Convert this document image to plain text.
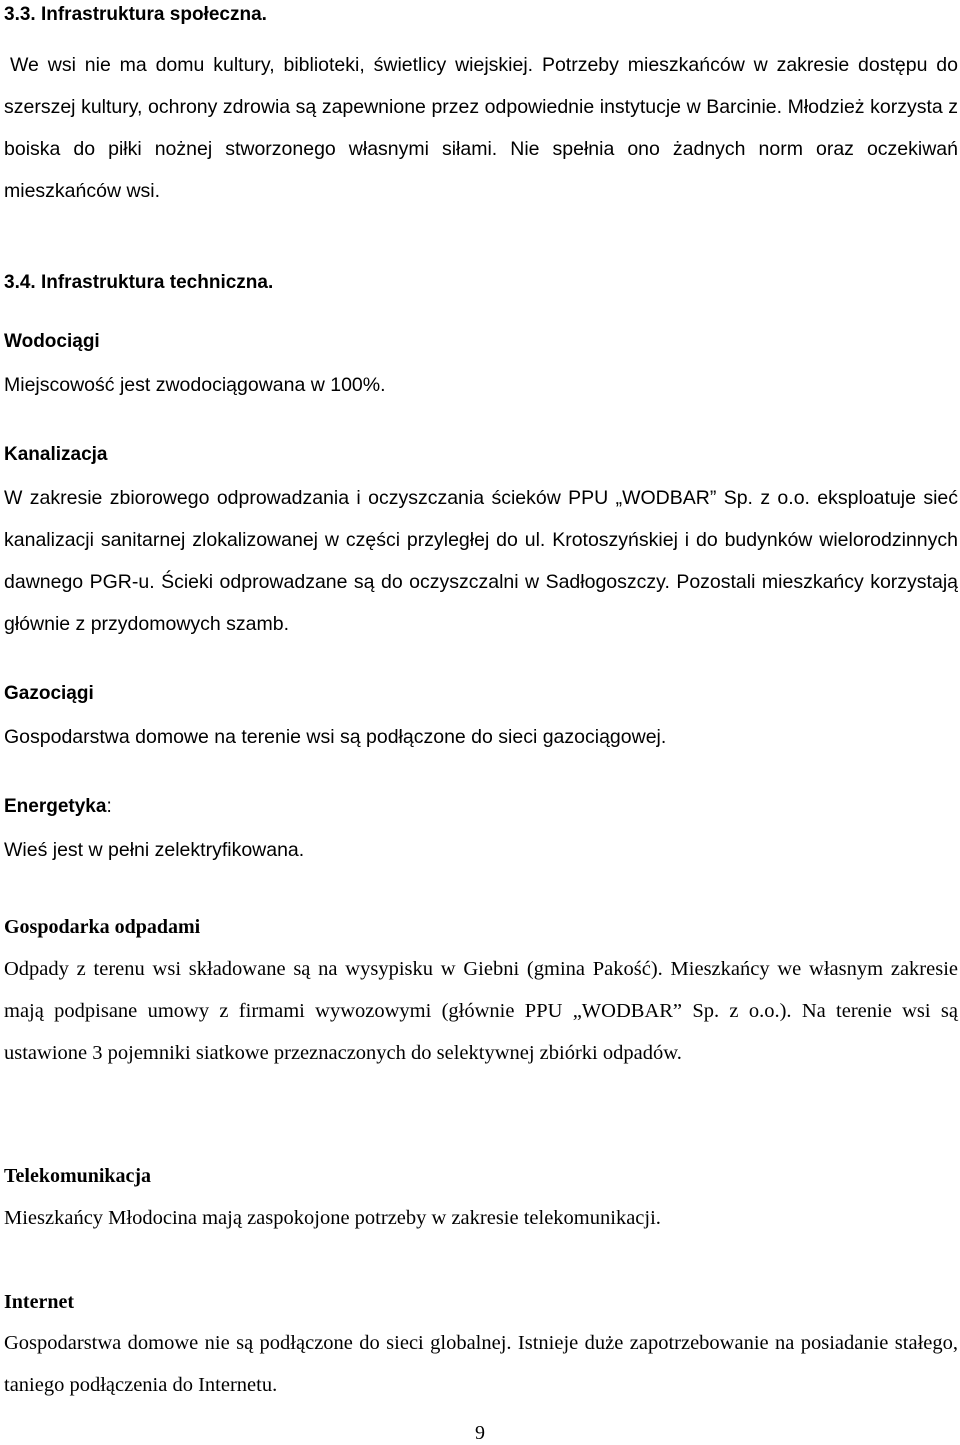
3.3. Infrastruktura społeczna.

We wsi nie ma domu kultury, biblioteki, świetlicy wiejskiej. Potrzeby mieszkańców w zakresie dostępu do szerszej kultury, ochrony zdrowia są zapewnione przez odpowiednie instytucje w Barcinie. Młodzież korzysta z boiska do piłki nożnej stworzonego własnymi siłami. Nie spełnia ono żadnych norm oraz oczekiwań mieszkańców wsi.

3.4. Infrastruktura techniczna.
Wodociągi

Miejscowość jest zwodociągowana w 100%.

Kanalizacja

W zakresie zbiorowego odprowadzania i oczyszczania ścieków PPU „WODBAR” Sp. z o.o. eksploatuje sieć kanalizacji sanitarnej zlokalizowanej w części przyległej do ul. Krotoszyńskiej i do budynków wielorodzinnych dawnego PGR-u. Ścieki odprowadzane są do oczyszczalni w Sadłogoszczy. Pozostali mieszkańcy korzystają głównie z przydomowych szamb.

Gazociągi

Gospodarstwa domowe na terenie wsi są podłączone do sieci gazociągowej.

Energetyka:

Wieś jest w pełni zelektryfikowana.

Gospodarka odpadami

Odpady z terenu wsi składowane są na wysypisku w Giebni (gmina Pakość). Mieszkańcy we własnym zakresie mają podpisane umowy z firmami wywozowymi (głównie PPU „WODBAR” Sp. z o.o.). Na terenie wsi są ustawione 3 pojemniki siatkowe przeznaczonych do selektywnej zbiórki odpadów.

Telekomunikacja

Mieszkańcy Młodocina mają zaspokojone potrzeby w zakresie telekomunikacji.

Internet

Gospodarstwa domowe nie są podłączone do sieci globalnej. Istnieje duże zapotrzebowanie na posiadanie stałego, taniego podłączenia do Internetu.

9
